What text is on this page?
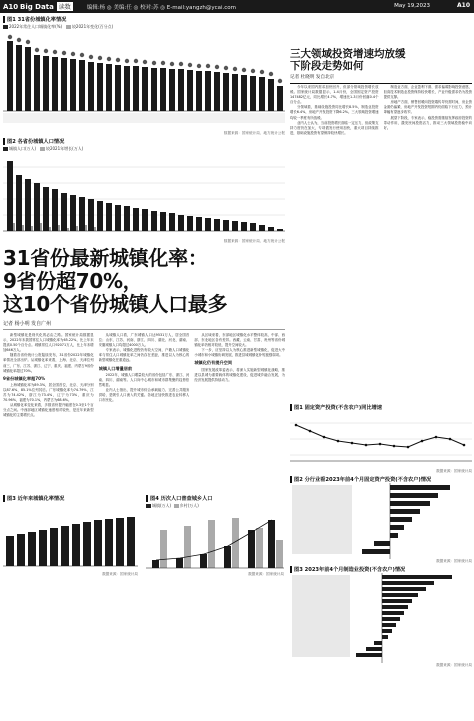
A10 Big Data 读数	编辑:杨 ◎ 美编:任 ◎ 校对:苏 ◎ E-mail:yangzh@ycai.com	May 19,2023	A10
图1 31省份城镇化率情况
2022年常住人口城镇化率(%) 较2021年变化(百分点)
数据来源：国家统计局、地方统计公报
图2 各省份城镇人口情况
城镇人口(万人) 较2021年增长(万人)
数据来源：国家统计局、地方统计公报
31省份最新城镇化率：
9省份超70%，
这10个省份城镇人口最多
记者 杨小明 发自广州

新型城镇化是现代化的必由之路。国家统计局数据显示，2022年末我国常住人口城镇化率为65.22%，比上年末提高0.50个百分点。城镇常住人口92071万人，比上年末增加646万人。

随着各省份统计公报陆续发布，31省份2022年城镇化率情况全部出炉。从城镇化率来看，上海、北京、天津位列前三，广东、江苏、浙江、辽宁、重庆、福建、内蒙古9省份城镇化率超过70%。

9省份城镇化率超70%

上海城镇化率为89.3%，居全国首位，北京、天津分别以87.6%、85.1%位列其后。广东城镇化率为74.79%，江苏为74.42%，浙江为73.4%，辽宁为73%，重庆为70.96%，福建为70.1%，内蒙古为68.6%。

从城镇化率变化来看，多数省份提升幅度在0.3至1个百分点之间。中西部地区城镇化速度相对较快，是近年来新型城镇化的主要增长点。

从城镇人口看，广东城镇人口达9531万人，居全国首位；山东、江苏、河南、浙江、四川、湖北、河北、湖南、安徽城镇人口均超过4000万人。

专家表示，城镇化进程仍有较大空间，户籍人口城镇化率与常住人口城镇化率之间仍存在差距，推进以人为核心的新型城镇化任重道远。

城镇人口增量居前

2022年，城镇人口增量较大的省份包括广东、浙江、河南、四川、湖南等。人口向中心城市和城市群集聚的趋势依然明显。

业内人士指出，提升城市综合承载能力、完善公共服务供给，是吸引人口流入的关键。各地正加快推进农业转移人口市民化。

从区域来看，东部地区城镇化水平整体较高，中部、西部、东北地区各有差异。西藏、云南、甘肃、贵州等省份城镇化率仍相对较低，提升空间较大。

下一步，应坚持以人为核心推进新型城镇化，促进大中小城市和小城镇协调发展，推进县城城镇化补短板强弱项。

城镇化仍有提升空间

国家发展改革委表示，将深入实施新型城镇化战略，推进以县城为重要载体的城镇化建设，促进城乡融合发展，为经济发展提供持续动力。

图3 近年来城镇化率情况
数据来源：国家统计局
图4 历次人口普查城乡人口
城镇(万人) 乡村(万人)
数据来源：国家统计局
三大领域投资增速均放缓
下阶段走势如何
记者 杜晓明 发自北京

今年以来国内需求加快回升，但部分领域投资增长放缓。国家统计局数据显示，1-4月份，全国固定资产投资147482亿元，同比增长4.7%，增速比1-3月份回落0.4个百分点。

分领域看，基础设施投资同比增长8.5%，制造业投资增长6.4%，房地产开发投资下降6.2%。三大领域投资增速均较一季度有所放缓。

业内人士认为，当前投资增长面临一定压力，但政策支持力度仍在加大，专项债发行使用加快，重大项目持续推进，基础设施投资有望保持较快增长。

制造业方面，企业盈利下滑、需求偏弱影响投资意愿，但高技术制造业投资保持较快增长，产业升级需求仍为投资提供支撑。

房地产方面，销售回暖向投资端传导仍需时间，房企资金面仍偏紧，房地产开发投资短期内仍面临下行压力，预计降幅有望逐步收窄。

展望下阶段，专家表示，稳投资需继续发挥政府投资的带动作用，激发民间投资活力，推动三大领域投资稳中向好。

图1 固定资产投资(不含农户)同比增速
数据来源：国家统计局
图2 分行业看2023年前4个月固定资产投资(不含农户)情况
数据来源：国家统计局
图3 2023年前4个月制造业投资(不含农户)情况
数据来源：国家统计局
